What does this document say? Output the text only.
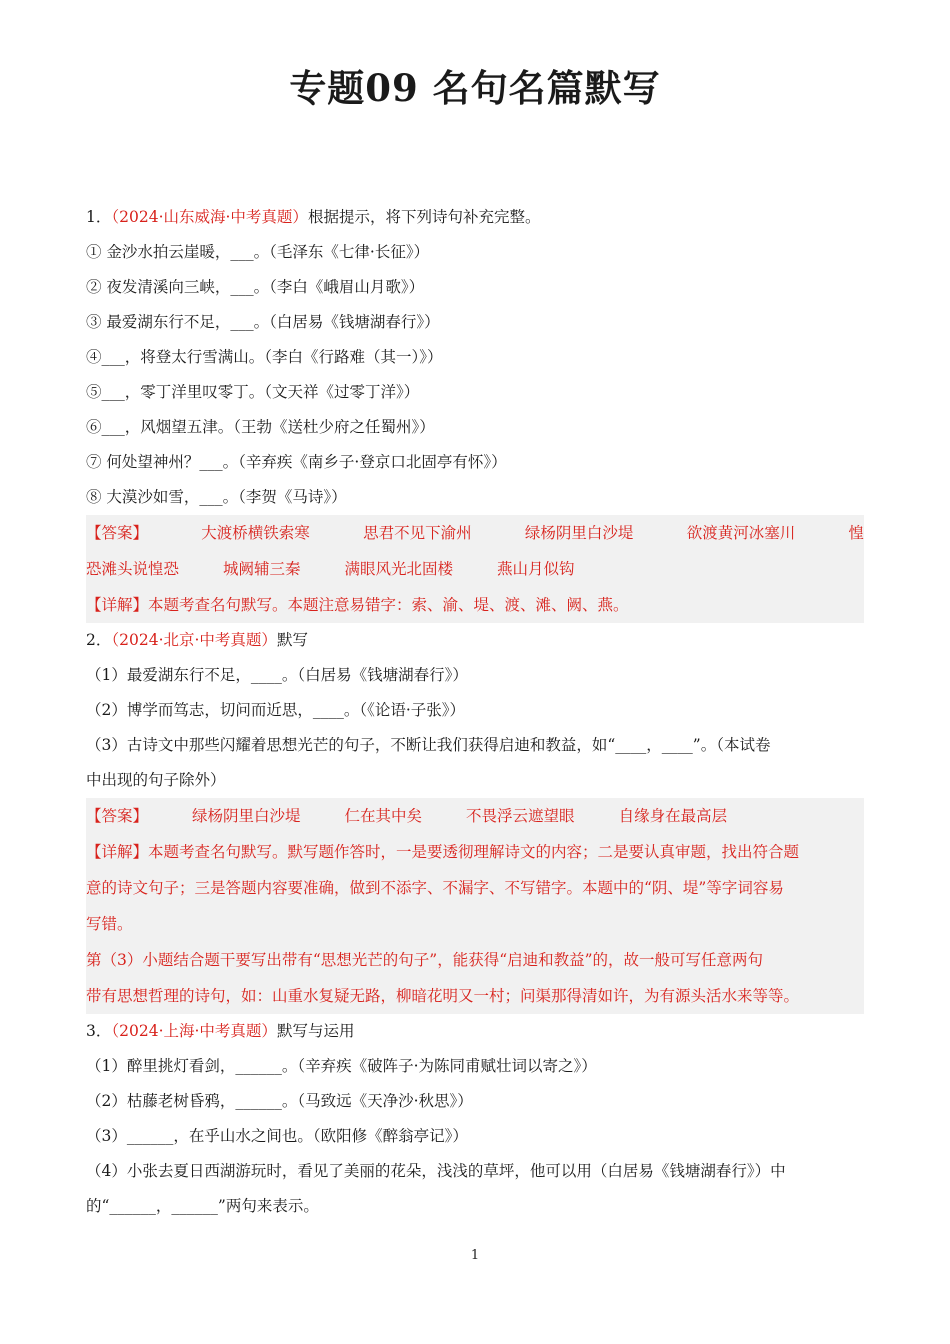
专题09 名句名篇默写
1．（2024·山东威海·中考真题）根据提示，将下列诗句补充完整。
① 金沙水拍云崖暖，___。（毛泽东《七律·长征》）
② 夜发清溪向三峡，___。（李白《峨眉山月歌》）
③ 最爱湖东行不足，___。（白居易《钱塘湖春行》）
④___，将登太行雪满山。（李白《行路难（其一）》）
⑤___，零丁洋里叹零丁。（文天祥《过零丁洋》）
⑥___，风烟望五津。（王勃《送杜少府之任蜀州》）
⑦ 何处望神州？___。（辛弃疾《南乡子·登京口北固亭有怀》）
⑧ 大漠沙如雪，___。（李贺《马诗》）
【答案】	大渡桥横铁索寒	思君不见下渝州	绿杨阴里白沙堤	欲渡黄河冰塞川	惶
恐滩头说惶恐	城阙辅三秦	满眼风光北固楼	燕山月似钩
【详解】本题考查名句默写。本题注意易错字：索、渝、堤、渡、滩、阙、燕。
2．（2024·北京·中考真题）默写
（1）最爱湖东行不足，____。（白居易《钱塘湖春行》）
（2）博学而笃志，切问而近思，____。（《论语·子张》）
（3）古诗文中那些闪耀着思想光芒的句子，不断让我们获得启迪和教益，如“____，____”。（本试卷
中出现的句子除外）
【答案】	绿杨阴里白沙堤	仁在其中矣	不畏浮云遮望眼	自缘身在最高层
【详解】本题考查名句默写。默写题作答时，一是要透彻理解诗文的内容；二是要认真审题，找出符合题
意的诗文句子；三是答题内容要准确，做到不添字、不漏字、不写错字。本题中的“阴、堤”等字词容易
写错。
第（3）小题结合题干要写出带有“思想光芒的句子”，能获得“启迪和教益”的，故一般可写任意两句
带有思想哲理的诗句，如：山重水复疑无路，柳暗花明又一村；问渠那得清如许，为有源头活水来等等。
3．（2024·上海·中考真题）默写与运用
（1）醉里挑灯看剑，______。（辛弃疾《破阵子·为陈同甫赋壮词以寄之》）
（2）枯藤老树昏鸦，______。（马致远《天净沙·秋思》）
（3）______，在乎山水之间也。（欧阳修《醉翁亭记》）
（4）小张去夏日西湖游玩时，看见了美丽的花朵，浅浅的草坪，他可以用（白居易《钱塘湖春行》）中
的“______，______”两句来表示。
1
